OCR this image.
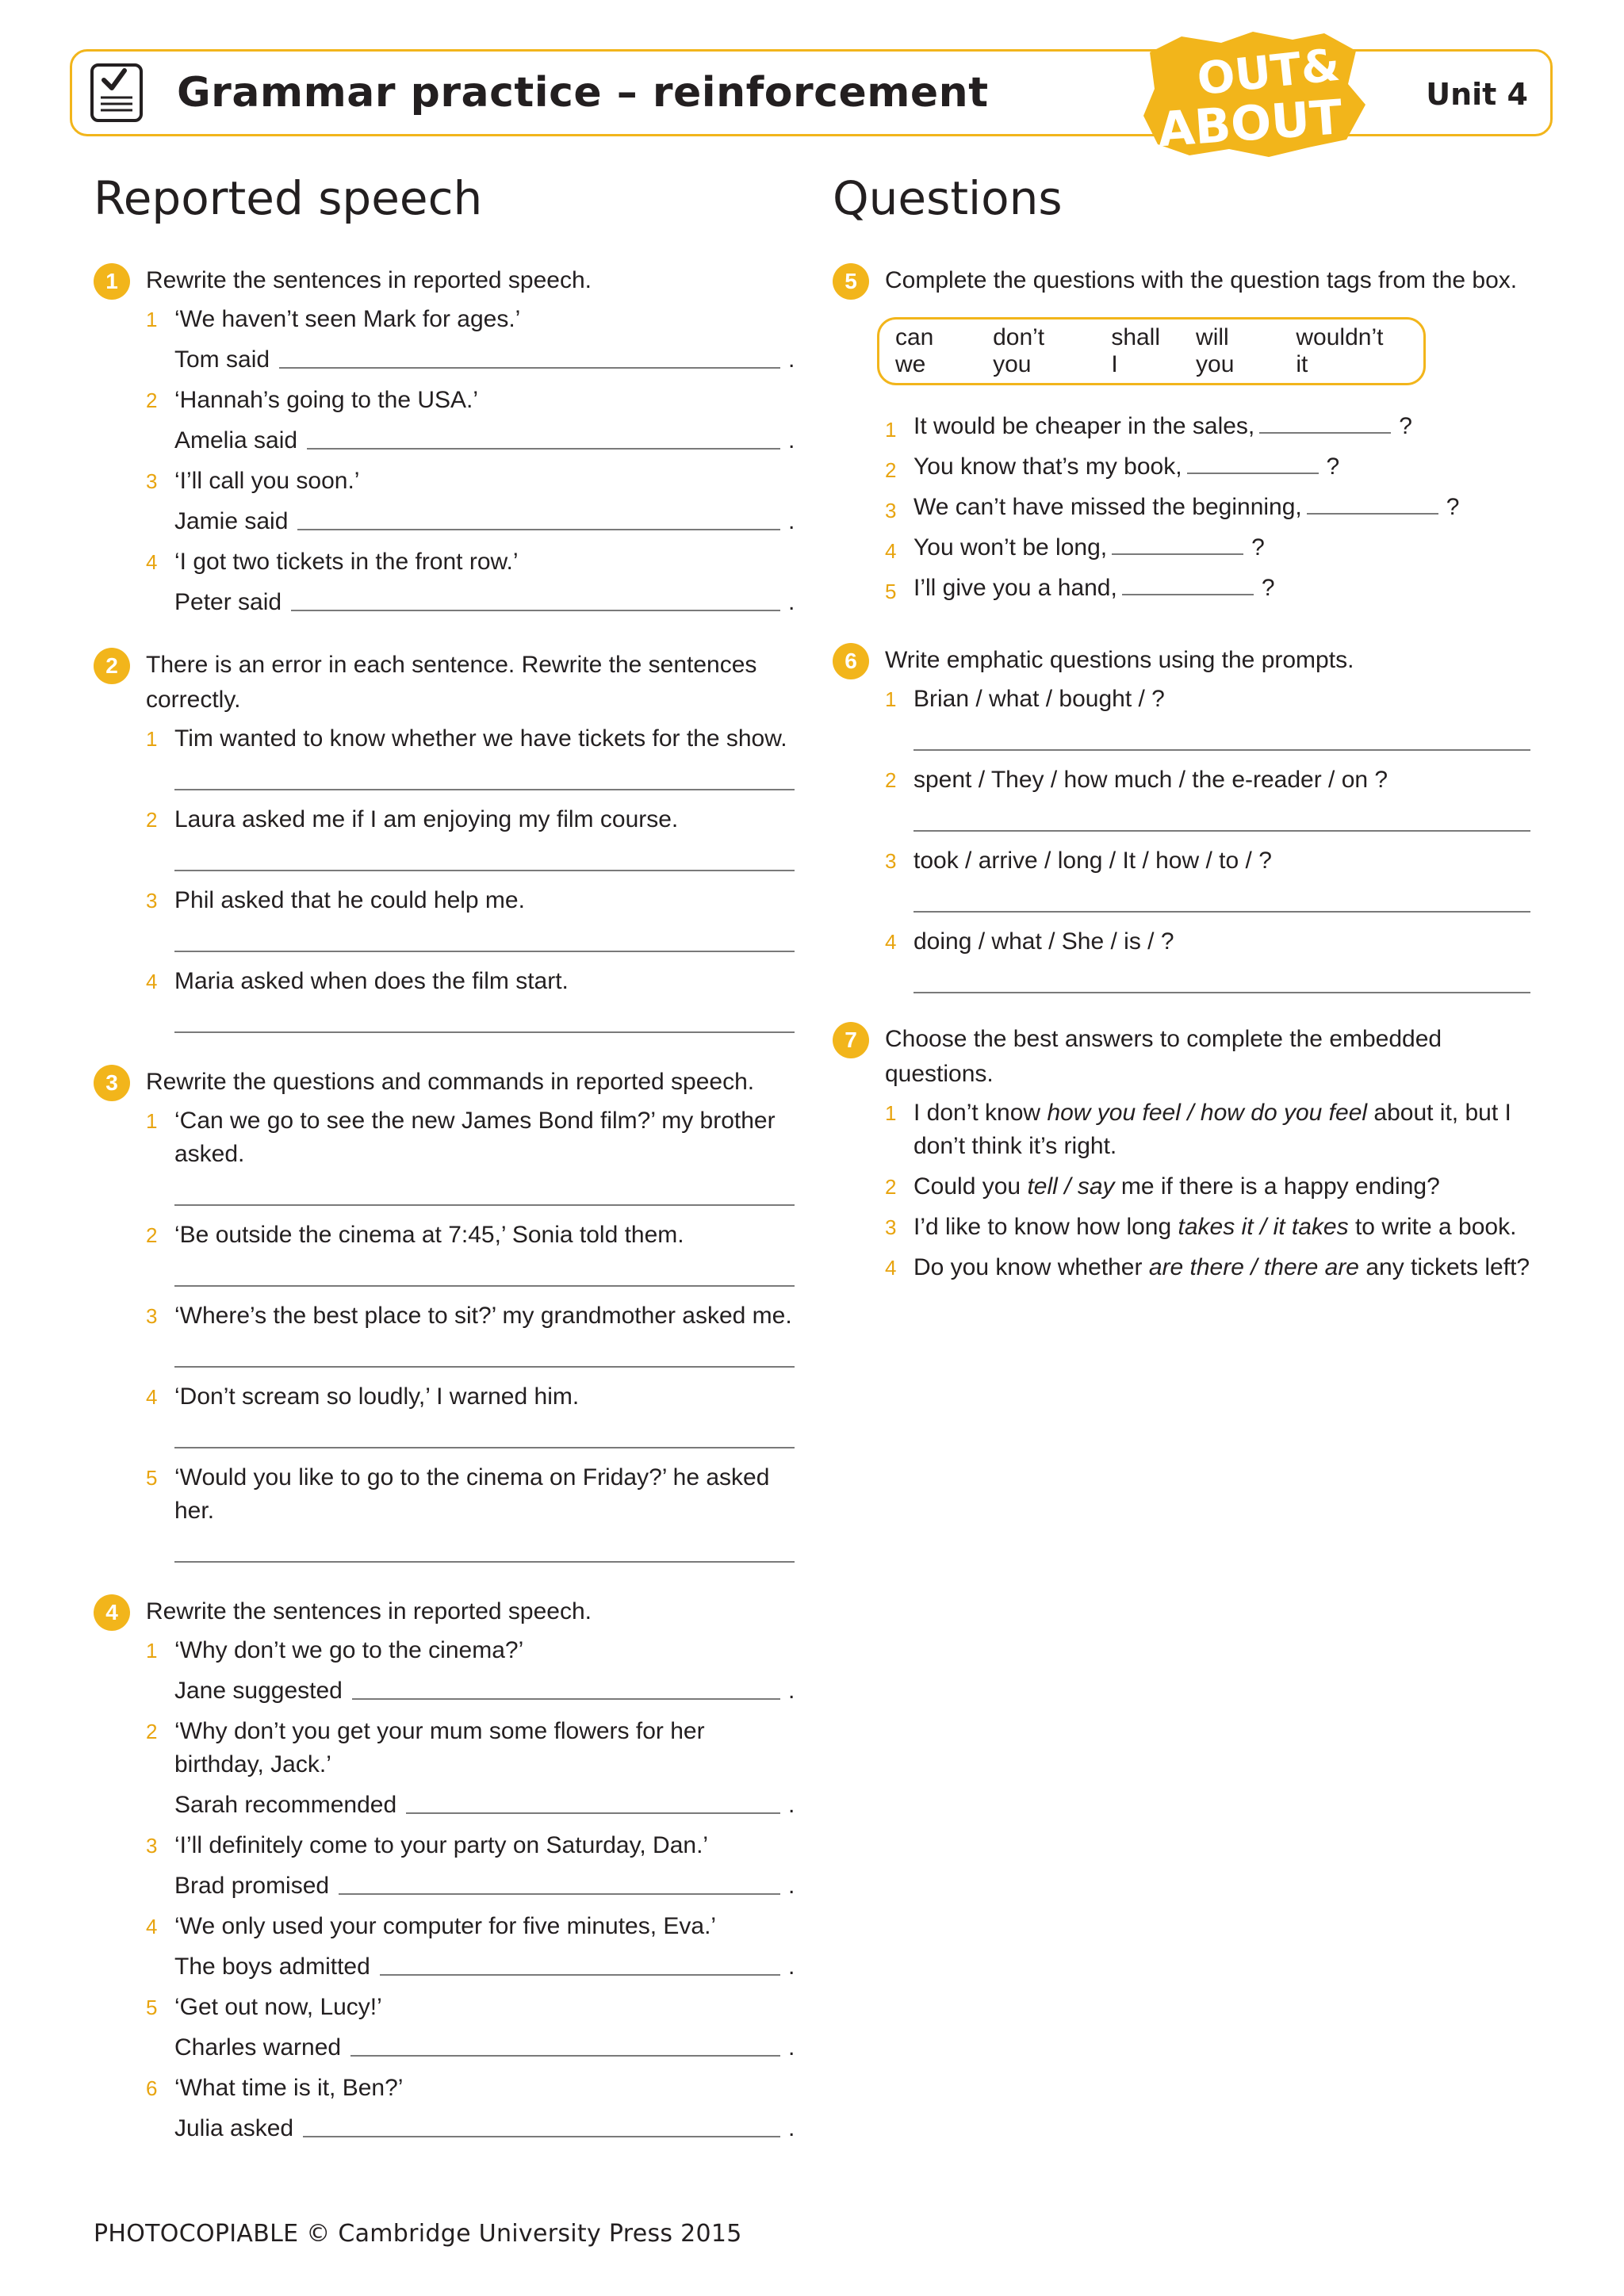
Grammar practice – reinforcement	Unit 4
OUT&
ABOUT
Reported speech	Questions
1	Rewrite the sentences in reported speech.
1 ‘We haven’t seen Mark for ages.’
Tom said	.
2 ‘Hannah’s going to the USA.’
Amelia said	.
3 ‘I’ll call you soon.’
Jamie said	.
4 ‘I got two tickets in the front row.’
Peter said	.
2	There is an error in each sentence. Rewrite the sentences correctly.
1 Tim wanted to know whether we have tickets for the show.
2 Laura asked me if I am enjoying my film course.
3 Phil asked that he could help me.
4 Maria asked when does the film start.
3	Rewrite the questions and commands in reported speech.
1 ‘Can we go to see the new James Bond film?’ my brother asked.
2 ‘Be outside the cinema at 7:45,’ Sonia told them.
3 ‘Where’s the best place to sit?’ my grandmother asked me.
4 ‘Don’t scream so loudly,’ I warned him.
5 ‘Would you like to go to the cinema on Friday?’ he asked her.
4	Rewrite the sentences in reported speech.
1 ‘Why don’t we go to the cinema?’
Jane suggested	.
2 ‘Why don’t you get your mum some flowers for her birthday, Jack.’
Sarah recommended	.
3 ‘I’ll definitely come to your party on Saturday, Dan.’
Brad promised	.
4 ‘We only used your computer for five minutes, Eva.’
The boys admitted	.
5 ‘Get out now, Lucy!’
Charles warned	.
6 ‘What time is it, Ben?’
Julia asked	.
5	Complete the questions with the question tags from the box.
can we
don’t you
shall I
will you
wouldn’t it
1 It would be cheaper in the sales,	?
2 You know that’s my book,	?
3 We can’t have missed the beginning,	?
4 You won’t be long,	?
5 I’ll give you a hand,	?
6	Write emphatic questions using the prompts.
1 Brian / what / bought / ?
2 spent / They / how much / the e-reader / on ?
3 took / arrive / long / It / how / to / ?
4 doing / what / She / is / ?
7	Choose the best answers to complete the embedded questions.
1 I don’t know how you feel / how do you feel about it, but I don’t think it’s right.
2 Could you tell / say me if there is a happy ending?
3 I’d like to know how long takes it / it takes to write a book.
4 Do you know whether are there / there are any tickets left?
PHOTOCOPIABLE © Cambridge University Press 2015
